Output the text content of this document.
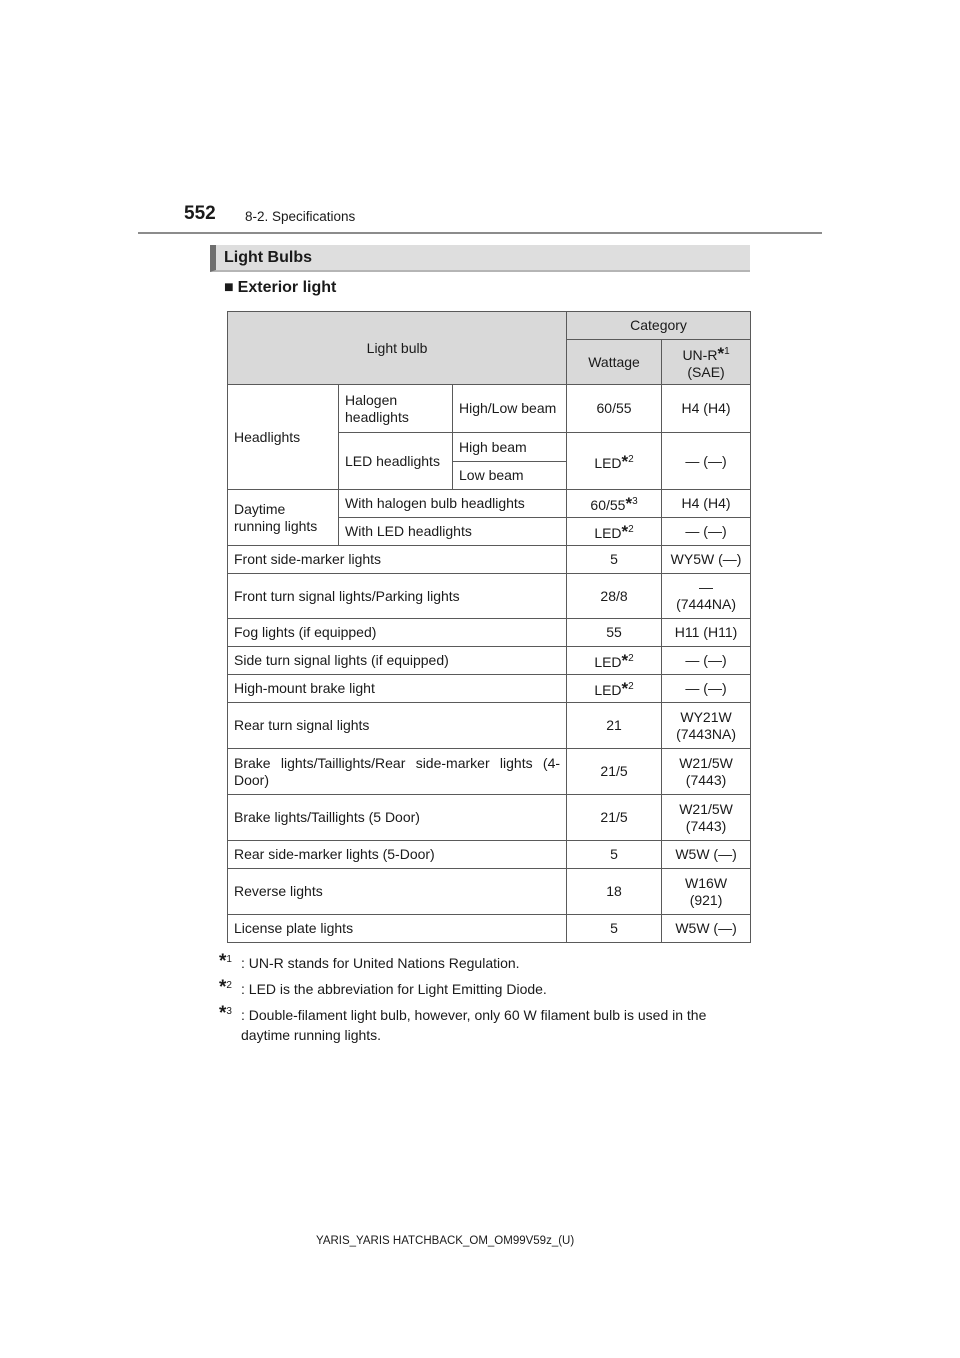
552 8-2. Specifications
Light Bulbs
■ Exterior light
Light bulb			Category	
			Wattage	UN-R*$^1$
(SAE)

Headlights	Halogen headlights	High/Low beam	60/55	H4 (H4)
	LED headlights	High beam	LED*$^2$	— (—)
		Low beam		
Daytime running lights	With halogen bulb headlights		60/55*$^3$	H4 (H4)
	With LED headlights		LED*$^2$	— (—)
Front side-marker lights			5	WY5W (—)
Front turn signal lights/Parking lights			28/8	—
(7444NA)

Fog lights (if equipped)			55	H11 (H11)
Side turn signal lights (if equipped)			LED*$^2$	— (—)
High-mount brake light			LED*$^2$	— (—)
Rear turn signal lights			21	WY21W
(7443NA)

Brake lights/Taillights/Rear side-marker lights (4-Door)			21/5	W21/5W
(7443)

Brake lights/Taillights (5 Door)			21/5	W21/5W
(7443)

Rear side-marker lights (5-Door)			5	W5W (—)
Reverse lights			18	W16W
(921)

License plate lights			5	W5W (—)
*$^1$ : UN-R stands for United Nations Regulation.
*$^2$ : LED is the abbreviation for Light Emitting Diode.
*$^3$ : Double-filament light bulb, however, only 60 W filament bulb is used in the
daytime running lights.
YARIS_YARIS HATCHBACK_OM_OM99V59z_(U)
